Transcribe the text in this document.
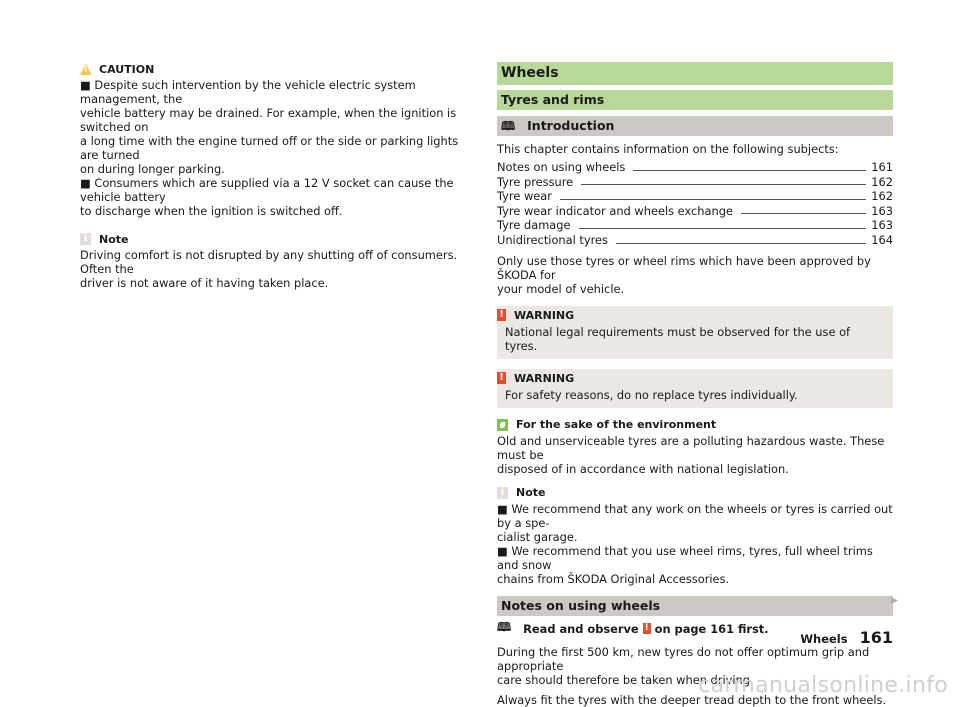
! CAUTION

■ Despite such intervention by the vehicle electric system management, the

vehicle battery may be drained. For example, when the ignition is switched on

a long time with the engine turned off or the side or parking lights are turned

on during longer parking.

■ Consumers which are supplied via a 12 V socket can cause the vehicle battery

to discharge when the ignition is switched off.

i	Note

Driving comfort is not disrupted by any shutting off of consumers. Often the

driver is not aware of it having taken place.

Wheels
Tyres and rims
🕮 Introduction

This chapter contains information on the following subjects:

Notes on using wheels	161
Tyre pressure	162
Tyre wear	162
Tyre wear indicator and wheels exchange	163
Tyre damage	163
Unidirectional tyres	164

Only use those tyres or wheel rims which have been approved by ŠKODA for

your model of vehicle.

! WARNING

National legal requirements must be observed for the use of tyres.

! WARNING

For safety reasons, do no replace tyres individually.

For the sake of the environment

Old and unserviceable tyres are a polluting hazardous waste. These must be

disposed of in accordance with national legislation.

i	Note

■ We recommend that any work on the wheels or tyres is carried out by a spe-

cialist garage.

■ We recommend that you use wheel rims, tyres, full wheel trims and snow

chains from ŠKODA Original Accessories.

Notes on using wheels
🕮 Read and observe ! on page 161 first.

During the first 500 km, new tyres do not offer optimum grip and appropriate

care should therefore be taken when driving.

Always fit the tyres with the deeper tread depth to the front wheels.

▶
Wheels 161
carmanualsonline.info
